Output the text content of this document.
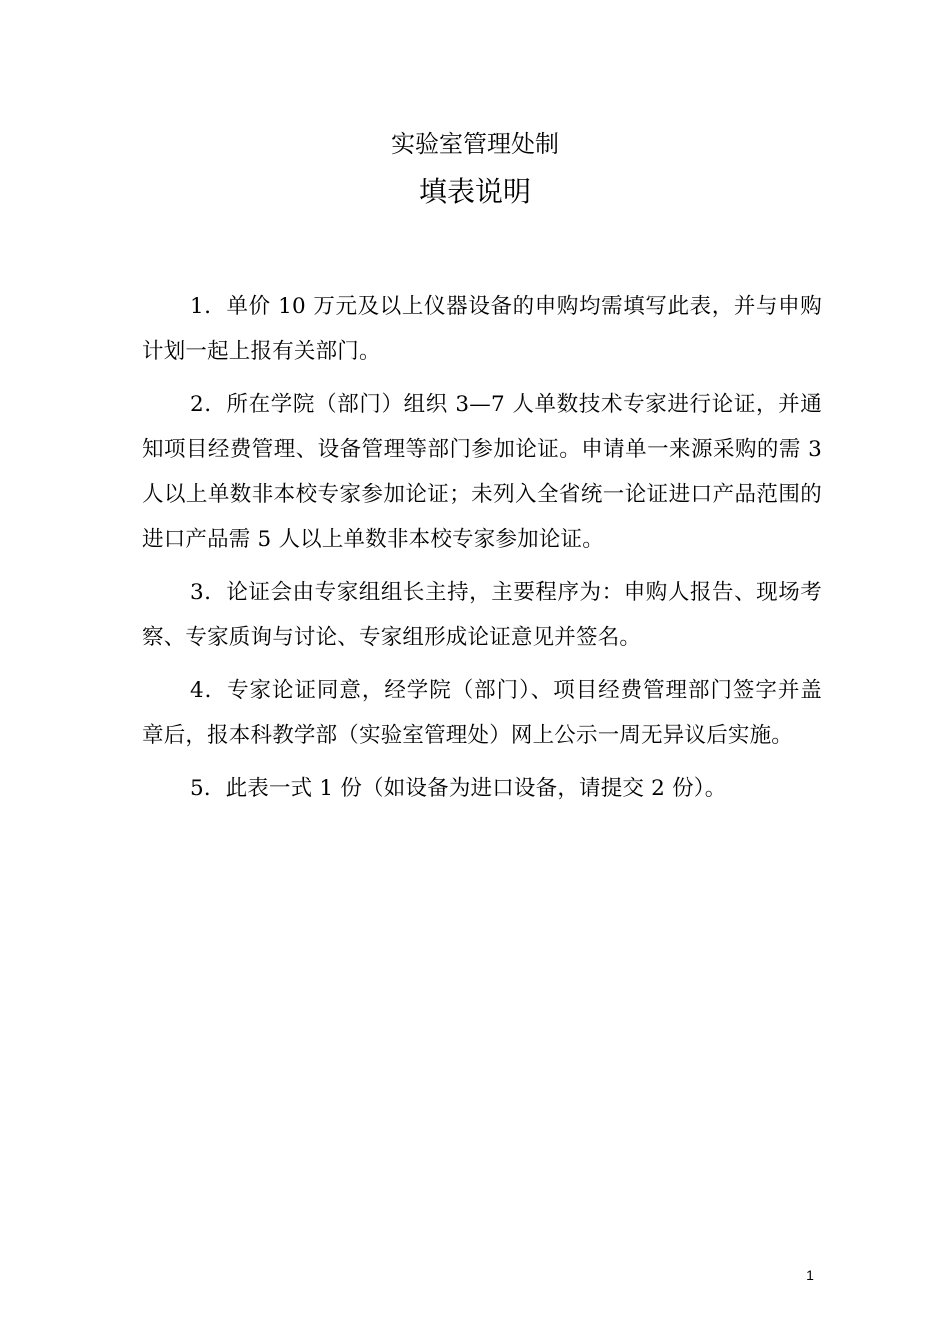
实验室管理处制
填表说明

1．单价 10 万元及以上仪器设备的申购均需填写此表，并与申购计划一起上报有关部门。

2．所在学院（部门）组织 3—7 人单数技术专家进行论证，并通知项目经费管理、设备管理等部门参加论证。申请单一来源采购的需 3 人以上单数非本校专家参加论证；未列入全省统一论证进口产品范围的进口产品需 5 人以上单数非本校专家参加论证。

3．论证会由专家组组长主持，主要程序为：申购人报告、现场考察、专家质询与讨论、专家组形成论证意见并签名。

4．专家论证同意，经学院（部门）、项目经费管理部门签字并盖章后，报本科教学部（实验室管理处）网上公示一周无异议后实施。

5．此表一式 1 份（如设备为进口设备，请提交 2 份）。

1
